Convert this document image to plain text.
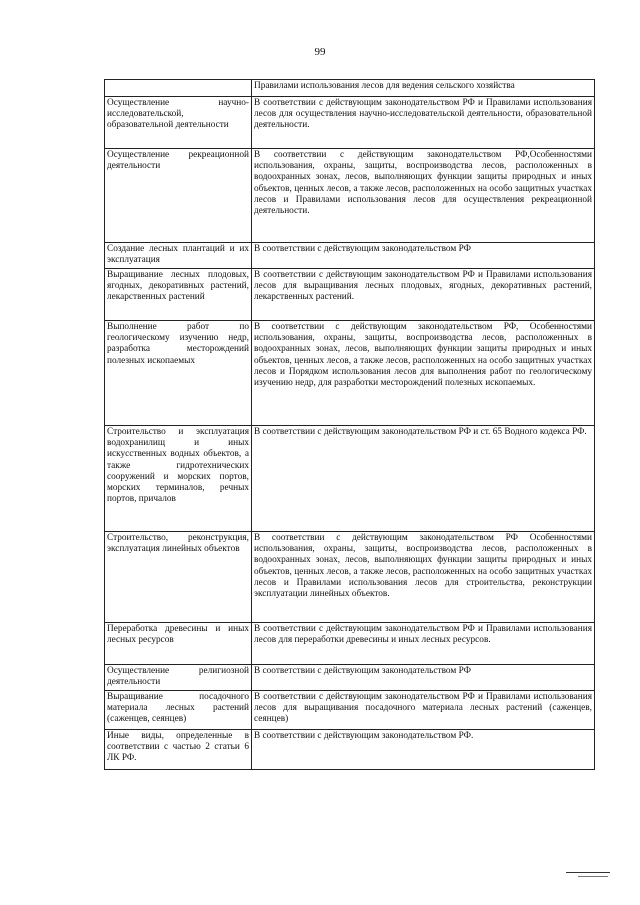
99
	Правилами использования лесов для ведения сельского хозяйства
Осуществление научно-исследовательской, образовательной деятельности	В соответствии с действующим законодательством РФ и Правилами использования лесов для осуществления научно-исследовательской деятельности, образовательной деятельности.
Осуществление рекреационной деятельности	В соответствии с действующим законодательством РФ,Особенностями использования, охраны, защиты, воспроизводства лесов, расположенных в водоохранных зонах, лесов, выполняющих функции защиты природных и иных объектов, ценных лесов, а также лесов, расположенных на особо защитных участках лесов и Правилами использования лесов для осуществления рекреационной деятельности.
Создание лесных плантаций и их эксплуатация	В соответствии с действующим законодательством РФ
Выращивание лесных плодовых, ягодных, декоративных растений, лекарственных растений	В соответствии с действующим законодательством РФ и Правилами использования лесов для выращивания лесных плодовых, ягодных, декоративных растений, лекарственных растений.
Выполнение работ по геологическому изучению недр, разработка месторождений полезных ископаемых	В соответствии с действующим законодательством РФ, Особенностями использования, охраны, защиты, воспроизводства лесов, расположенных в водоохранных зонах, лесов, выполняющих функции защиты природных и иных объектов, ценных лесов, а также лесов, расположенных на особо защитных участках лесов и Порядком использования лесов для выполнения работ по геологическому изучению недр, для разработки месторождений полезных ископаемых.
Строительство и эксплуатация водохранилищ и иных искусственных водных объектов, а также гидротехнических сооружений и морских портов, морских терминалов, речных портов, причалов	В соответствии с действующим законодательством РФ и ст. 65 Водного кодекса РФ.
Строительство, реконструкция, эксплуатация линейных объектов	В соответствии с действующим законодательством РФ Особенностями использования, охраны, защиты, воспроизводства лесов, расположенных в водоохранных зонах, лесов, выполняющих функции защиты природных и иных объектов, ценных лесов, а также лесов, расположенных на особо защитных участках лесов и Правилами использования лесов для строительства, реконструкции эксплуатации линейных объектов.
Переработка древесины и иных лесных ресурсов	В соответствии с действующим законодательством РФ и Правилами использования лесов для переработки древесины и иных лесных ресурсов.
Осуществление религиозной деятельности	В соответствии с действующим законодательством РФ
Выращивание посадочного материала лесных растений (саженцев, сеянцев)	В соответствии с действующим законодательством РФ и Правилами использования лесов для выращивания посадочного материала лесных растений (саженцев, сеянцев)
Иные виды, определенные в соответствии с частью 2 статьи 6 ЛК РФ.	В соответствии с действующим законодательством РФ.
